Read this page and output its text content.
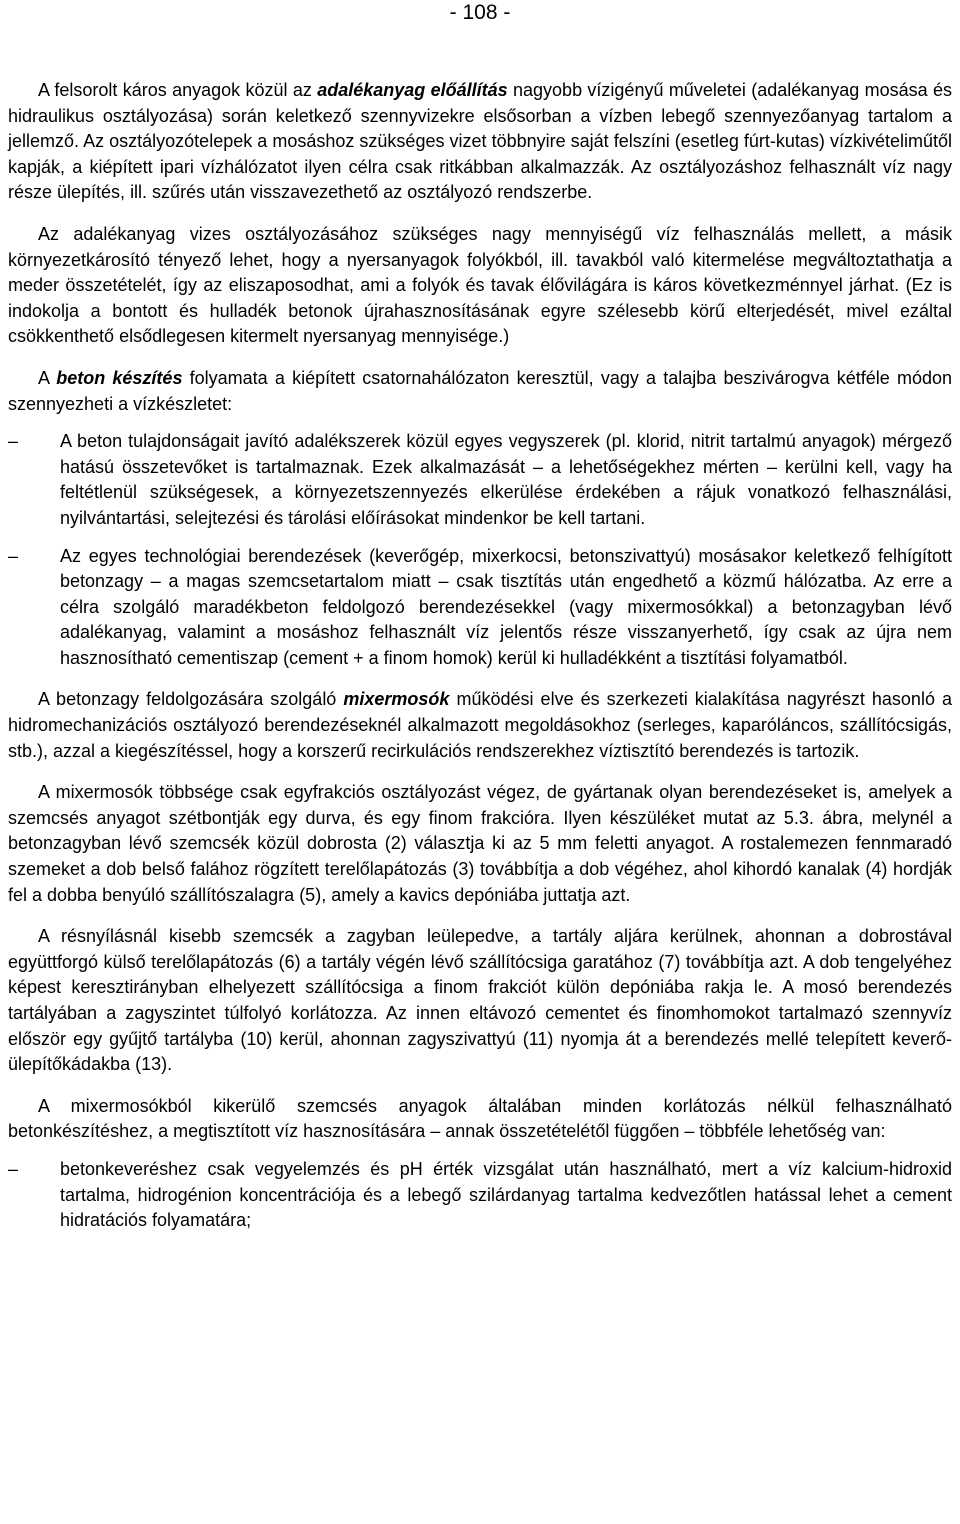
- 108 -

A felsorolt káros anyagok közül az adalékanyag előállítás nagyobb vízigényű műveletei (adalékanyag mosása és hidraulikus osztályozása) során keletkező szennyvizekre elsősorban a vízben lebegő szennyezőanyag tartalom a jellemző. Az osztályozótelepek a mosáshoz szükséges vizet többnyire saját felszíni (esetleg fúrt-kutas) vízkivételiműtől kapják, a kiépített ipari vízhálózatot ilyen célra csak ritkábban alkalmazzák. Az osztályozáshoz felhasznált víz nagy része ülepítés, ill. szűrés után visszavezethető az osztályozó rendszerbe.

Az adalékanyag vizes osztályozásához szükséges nagy mennyiségű víz felhasználás mellett, a másik környezetkárosító tényező lehet, hogy a nyersanyagok folyókból, ill. tavakból való kitermelése megváltoztathatja a meder összetételét, így az eliszaposodhat, ami a folyók és tavak élővilágára is káros következménnyel járhat. (Ez is indokolja a bontott és hulladék betonok újrahasznosításának egyre szélesebb körű elterjedését, mivel ezáltal csökkenthető elsődlegesen kitermelt nyersanyag mennyisége.)

A beton készítés folyamata a kiépített csatornahálózaton keresztül, vagy a talajba beszivárogva kétféle módon szennyezheti a vízkészletet:

–	A beton tulajdonságait javító adalékszerek közül egyes vegyszerek (pl. klorid, nitrit tartalmú anyagok) mérgező hatású összetevőket is tartalmaznak. Ezek alkalmazását – a lehetőségekhez mérten – kerülni kell, vagy ha feltétlenül szükségesek, a környezetszennyezés elkerülése érdekében a rájuk vonatkozó felhasználási, nyilvántartási, selejtezési és tárolási előírásokat mindenkor be kell tartani.
–	Az egyes technológiai berendezések (keverőgép, mixerkocsi, betonszivattyú) mosásakor keletkező felhígított betonzagy – a magas szemcsetartalom miatt – csak tisztítás után engedhető a közmű hálózatba. Az erre a célra szolgáló maradékbeton feldolgozó berendezésekkel (vagy mixermosókkal) a betonzagyban lévő adalékanyag, valamint a mosáshoz felhasznált víz jelentős része visszanyerhető, így csak az újra nem hasznosítható cementiszap (cement + a finom homok) kerül ki hulladékként a tisztítási folyamatból.

A betonzagy feldolgozására szolgáló mixermosók működési elve és szerkezeti kialakítása nagyrészt hasonló a hidromechanizációs osztályozó berendezéseknél alkalmazott megoldásokhoz (serleges, kaparóláncos, szállítócsigás, stb.), azzal a kiegészítéssel, hogy a korszerű recirkulációs rendszerekhez víztisztító berendezés is tartozik.

A mixermosók többsége csak egyfrakciós osztályozást végez, de gyártanak olyan berendezéseket is, amelyek a szemcsés anyagot szétbontják egy durva, és egy finom frakcióra. Ilyen készüléket mutat az 5.3. ábra, melynél a betonzagyban lévő szemcsék közül dobrosta (2) választja ki az 5 mm feletti anyagot. A rostalemezen fennmaradó szemeket a dob belső falához rögzített terelőlapátozás (3) továbbítja a dob végéhez, ahol kihordó kanalak (4) hordják fel a dobba benyúló szállítószalagra (5), amely a kavics depóniába juttatja azt.

A résnyílásnál kisebb szemcsék a zagyban leülepedve, a tartály aljára kerülnek, ahonnan a dobrostával együttforgó külső terelőlapátozás (6) a tartály végén lévő szállítócsiga garatához (7) továbbítja azt. A dob tengelyéhez képest keresztirányban elhelyezett szállítócsiga a finom frakciót külön depóniába rakja le. A mosó berendezés tartályában a zagyszintet túlfolyó korlátozza. Az innen eltávozó cementet és finomhomokot tartalmazó szennyvíz először egy gyűjtő tartályba (10) kerül, ahonnan zagyszivattyú (11) nyomja át a berendezés mellé telepített keverő-ülepítőkádakba (13).

A mixermosókból kikerülő szemcsés anyagok általában minden korlátozás nélkül felhasználható betonkészítéshez, a megtisztított víz hasznosítására – annak összetételétől függően – többféle lehetőség van:

–	betonkeveréshez csak vegyelemzés és pH érték vizsgálat után használható, mert a víz kalcium-hidroxid tartalma, hidrogénion koncentrációja és a lebegő szilárdanyag tartalma kedvezőtlen hatással lehet a cement hidratációs folyamatára;
